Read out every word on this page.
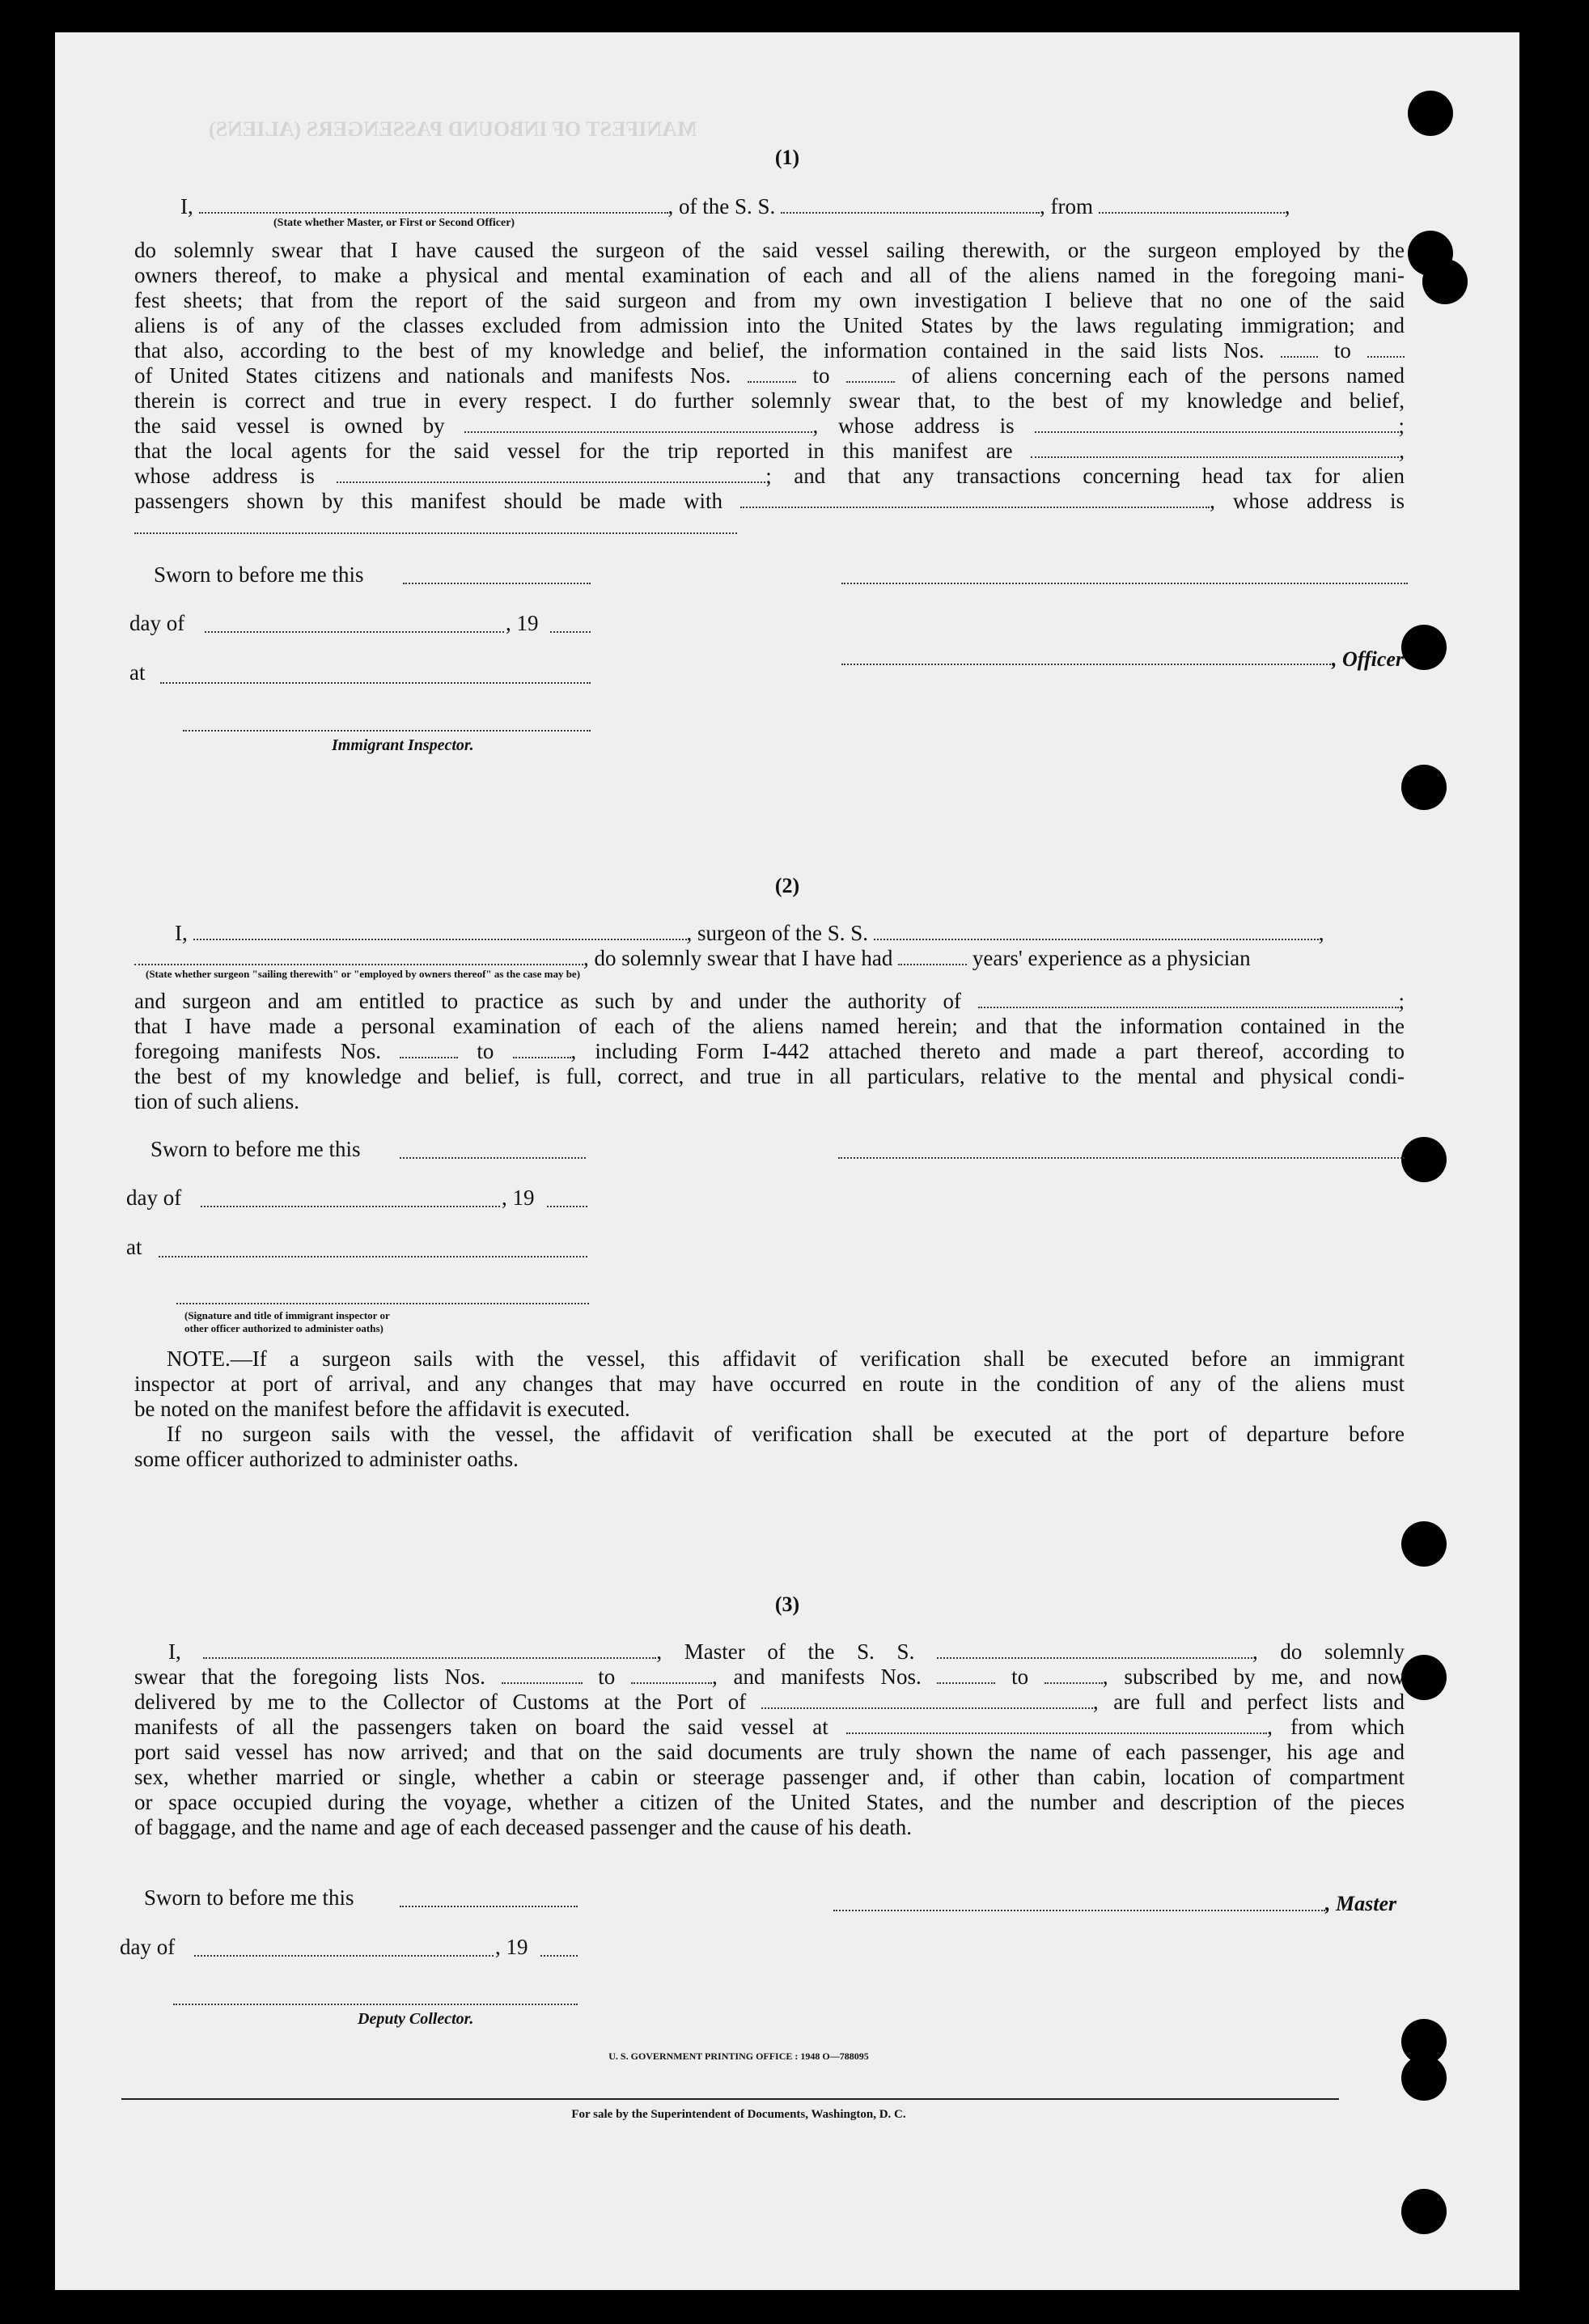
MANIFEST OF INBOUND PASSENGERS (ALIENS)
(1)
I,	, of the S. S.	, from	,
(State whether Master, or First or Second Officer)
do solemnly swear that I have caused the surgeon of the said vessel sailing therewith, or the surgeon employed by the
owners thereof, to make a physical and mental examination of each and all of the aliens named in the foregoing mani-
fest sheets; that from the report of the said surgeon and from my own investigation I believe that no one of the said
aliens is of any of the classes excluded from admission into the United States by the laws regulating immigration; and
that also, according to the best of my knowledge and belief, the information contained in the said lists Nos.	to
of United States citizens and nationals and manifests Nos.	to	of aliens concerning each of the persons named
therein is correct and true in every respect. I do further solemnly swear that, to the best of my knowledge and belief,
the said vessel is owned by	, whose address is	;
that the local agents for the said vessel for the trip reported in this manifest are	,
whose address is	; and that any transactions concerning head tax for alien
passengers shown by this manifest should be made with	, whose address is
Sworn to before me this
day of	, 19
, Officer
at
Immigrant Inspector.
(2)
I,	, surgeon of the S. S.	,
, do solemnly swear that I have had	years' experience as a physician
(State whether surgeon "sailing therewith" or "employed by owners thereof" as the case may be)
and surgeon and am entitled to practice as such by and under the authority of	;
that I have made a personal examination of each of the aliens named herein; and that the information contained in the
foregoing manifests Nos.	to	, including Form I-442 attached thereto and made a part thereof, according to
the best of my knowledge and belief, is full, correct, and true in all particulars, relative to the mental and physical condi-
tion of such aliens.
Sworn to before me this
day of	, 19
at
(Signature and title of immigrant inspector or
other officer authorized to administer oaths)
NOTE.—If a surgeon sails with the vessel, this affidavit of verification shall be executed before an immigrant
inspector at port of arrival, and any changes that may have occurred en route in the condition of any of the aliens must
be noted on the manifest before the affidavit is executed.
If no surgeon sails with the vessel, the affidavit of verification shall be executed at the port of departure before
some officer authorized to administer oaths.
(3)
I,	, Master of the S. S.	, do solemnly
swear that the foregoing lists Nos.	to	, and manifests Nos.	to	, subscribed by me, and now
delivered by me to the Collector of Customs at the Port of	, are full and perfect lists and
manifests of all the passengers taken on board the said vessel at	, from which
port said vessel has now arrived; and that on the said documents are truly shown the name of each passenger, his age and
sex, whether married or single, whether a cabin or steerage passenger and, if other than cabin, location of compartment
or space occupied during the voyage, whether a citizen of the United States, and the number and description of the pieces
of baggage, and the name and age of each deceased passenger and the cause of his death.
Sworn to before me this	, Master
day of	, 19
Deputy Collector.
U. S. GOVERNMENT PRINTING OFFICE : 1948 O—788095
For sale by the Superintendent of Documents, Washington, D. C.
